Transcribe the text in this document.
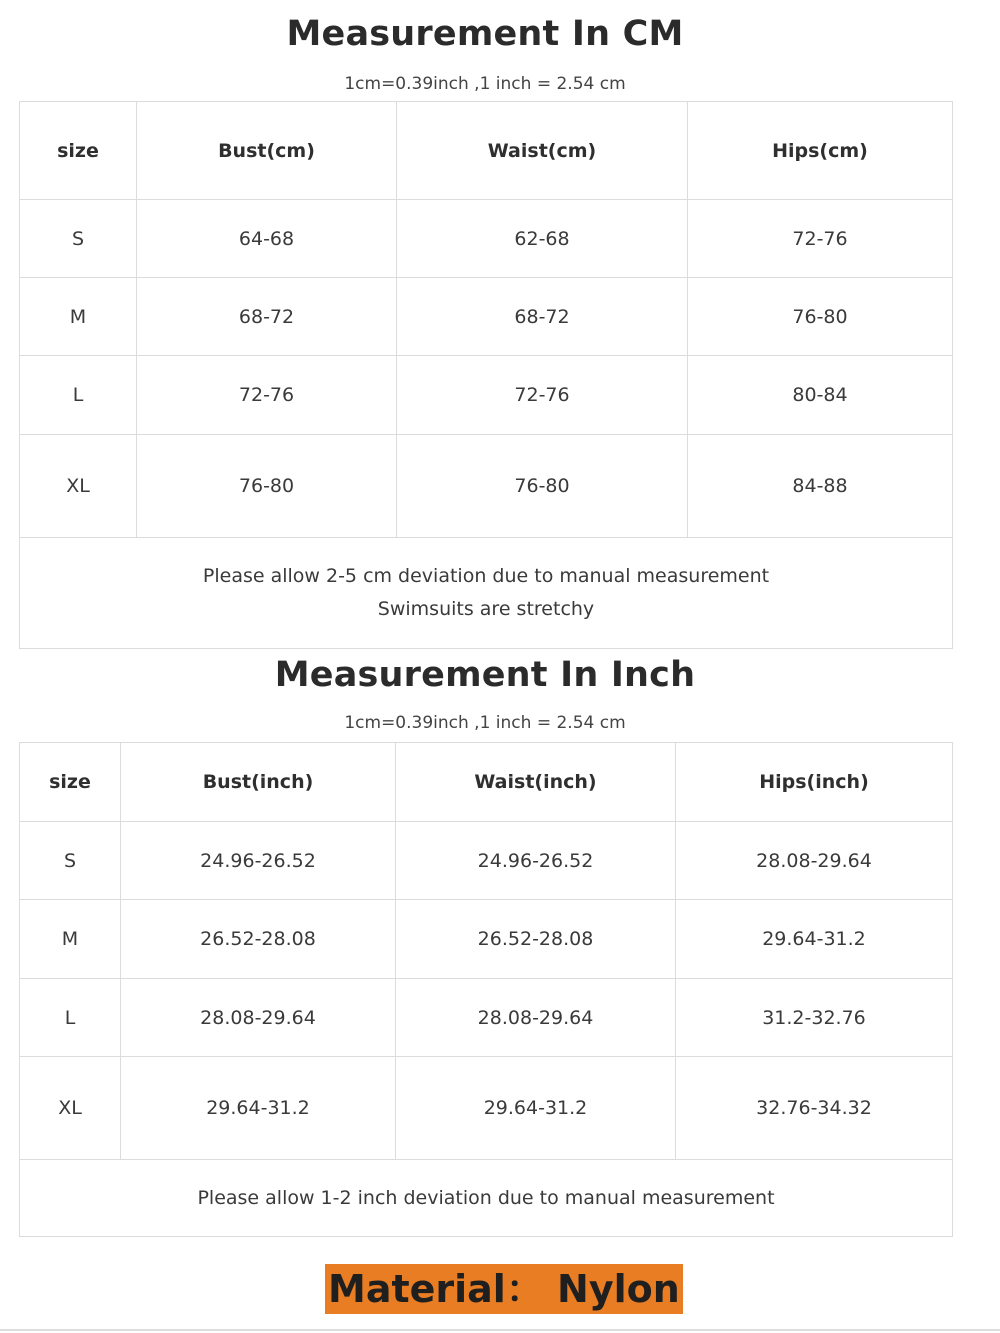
Measurement In CM

1cm=0.39inch ,1 inch = 2.54 cm

size	Bust(cm)	Waist(cm)	Hips(cm)
S	64-68	62-68	72-76
M	68-72	68-72	76-80
L	72-76	72-76	80-84
XL	76-80	76-80	84-88

Please allow 2-5 cm deviation due to manual measurement
Swimsuits are stretchy			
Measurement In Inch

1cm=0.39inch ,1 inch = 2.54 cm

size	Bust(inch)	Waist(inch)	Hips(inch)
S	24.96-26.52	24.96-26.52	28.08-29.64
M	26.52-28.08	26.52-28.08	29.64-31.2
L	28.08-29.64	28.08-29.64	31.2-32.76
XL	29.64-31.2	29.64-31.2	32.76-34.32

Please allow 1-2 inch deviation due to manual measurement			
Material： Nylon
